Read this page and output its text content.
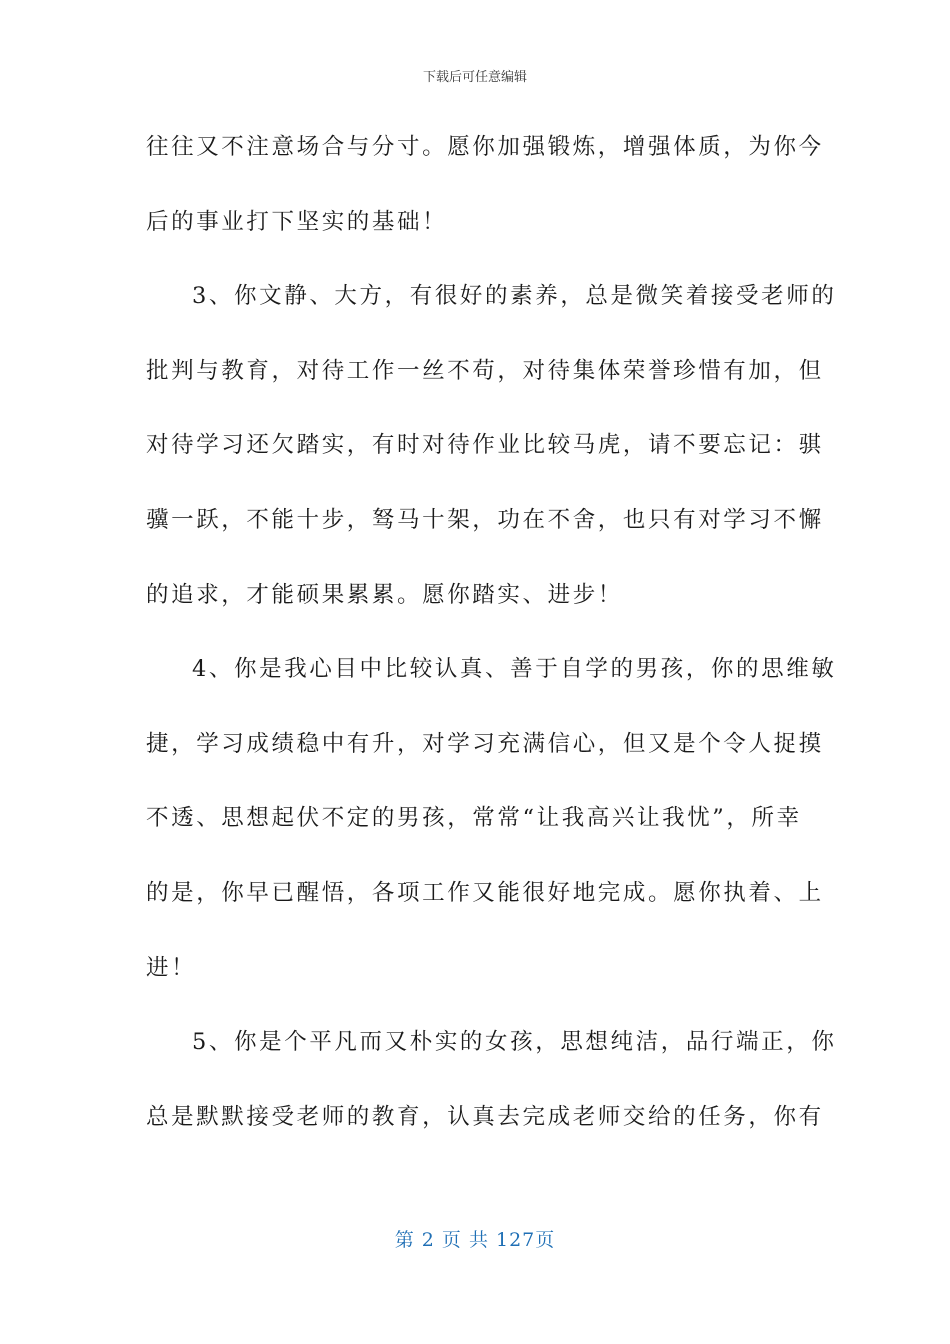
下载后可任意编辑
往往又不注意场合与分寸。愿你加强锻炼，增强体质，为你今
后的事业打下坚实的基础！
3、你文静、大方，有很好的素养，总是微笑着接受老师的
批判与教育，对待工作一丝不苟，对待集体荣誉珍惜有加，但
对待学习还欠踏实，有时对待作业比较马虎，请不要忘记：骐
骥一跃，不能十步，驽马十架，功在不舍，也只有对学习不懈
的追求，才能硕果累累。愿你踏实、进步！
4、你是我心目中比较认真、善于自学的男孩，你的思维敏
捷，学习成绩稳中有升，对学习充满信心，但又是个令人捉摸
不透、思想起伏不定的男孩，常常“让我高兴让我忧”，所幸
的是，你早已醒悟，各项工作又能很好地完成。愿你执着、上
进！
5、你是个平凡而又朴实的女孩，思想纯洁，品行端正，你
总是默默接受老师的教育，认真去完成老师交给的任务，你有
第 2 页 共 127页
